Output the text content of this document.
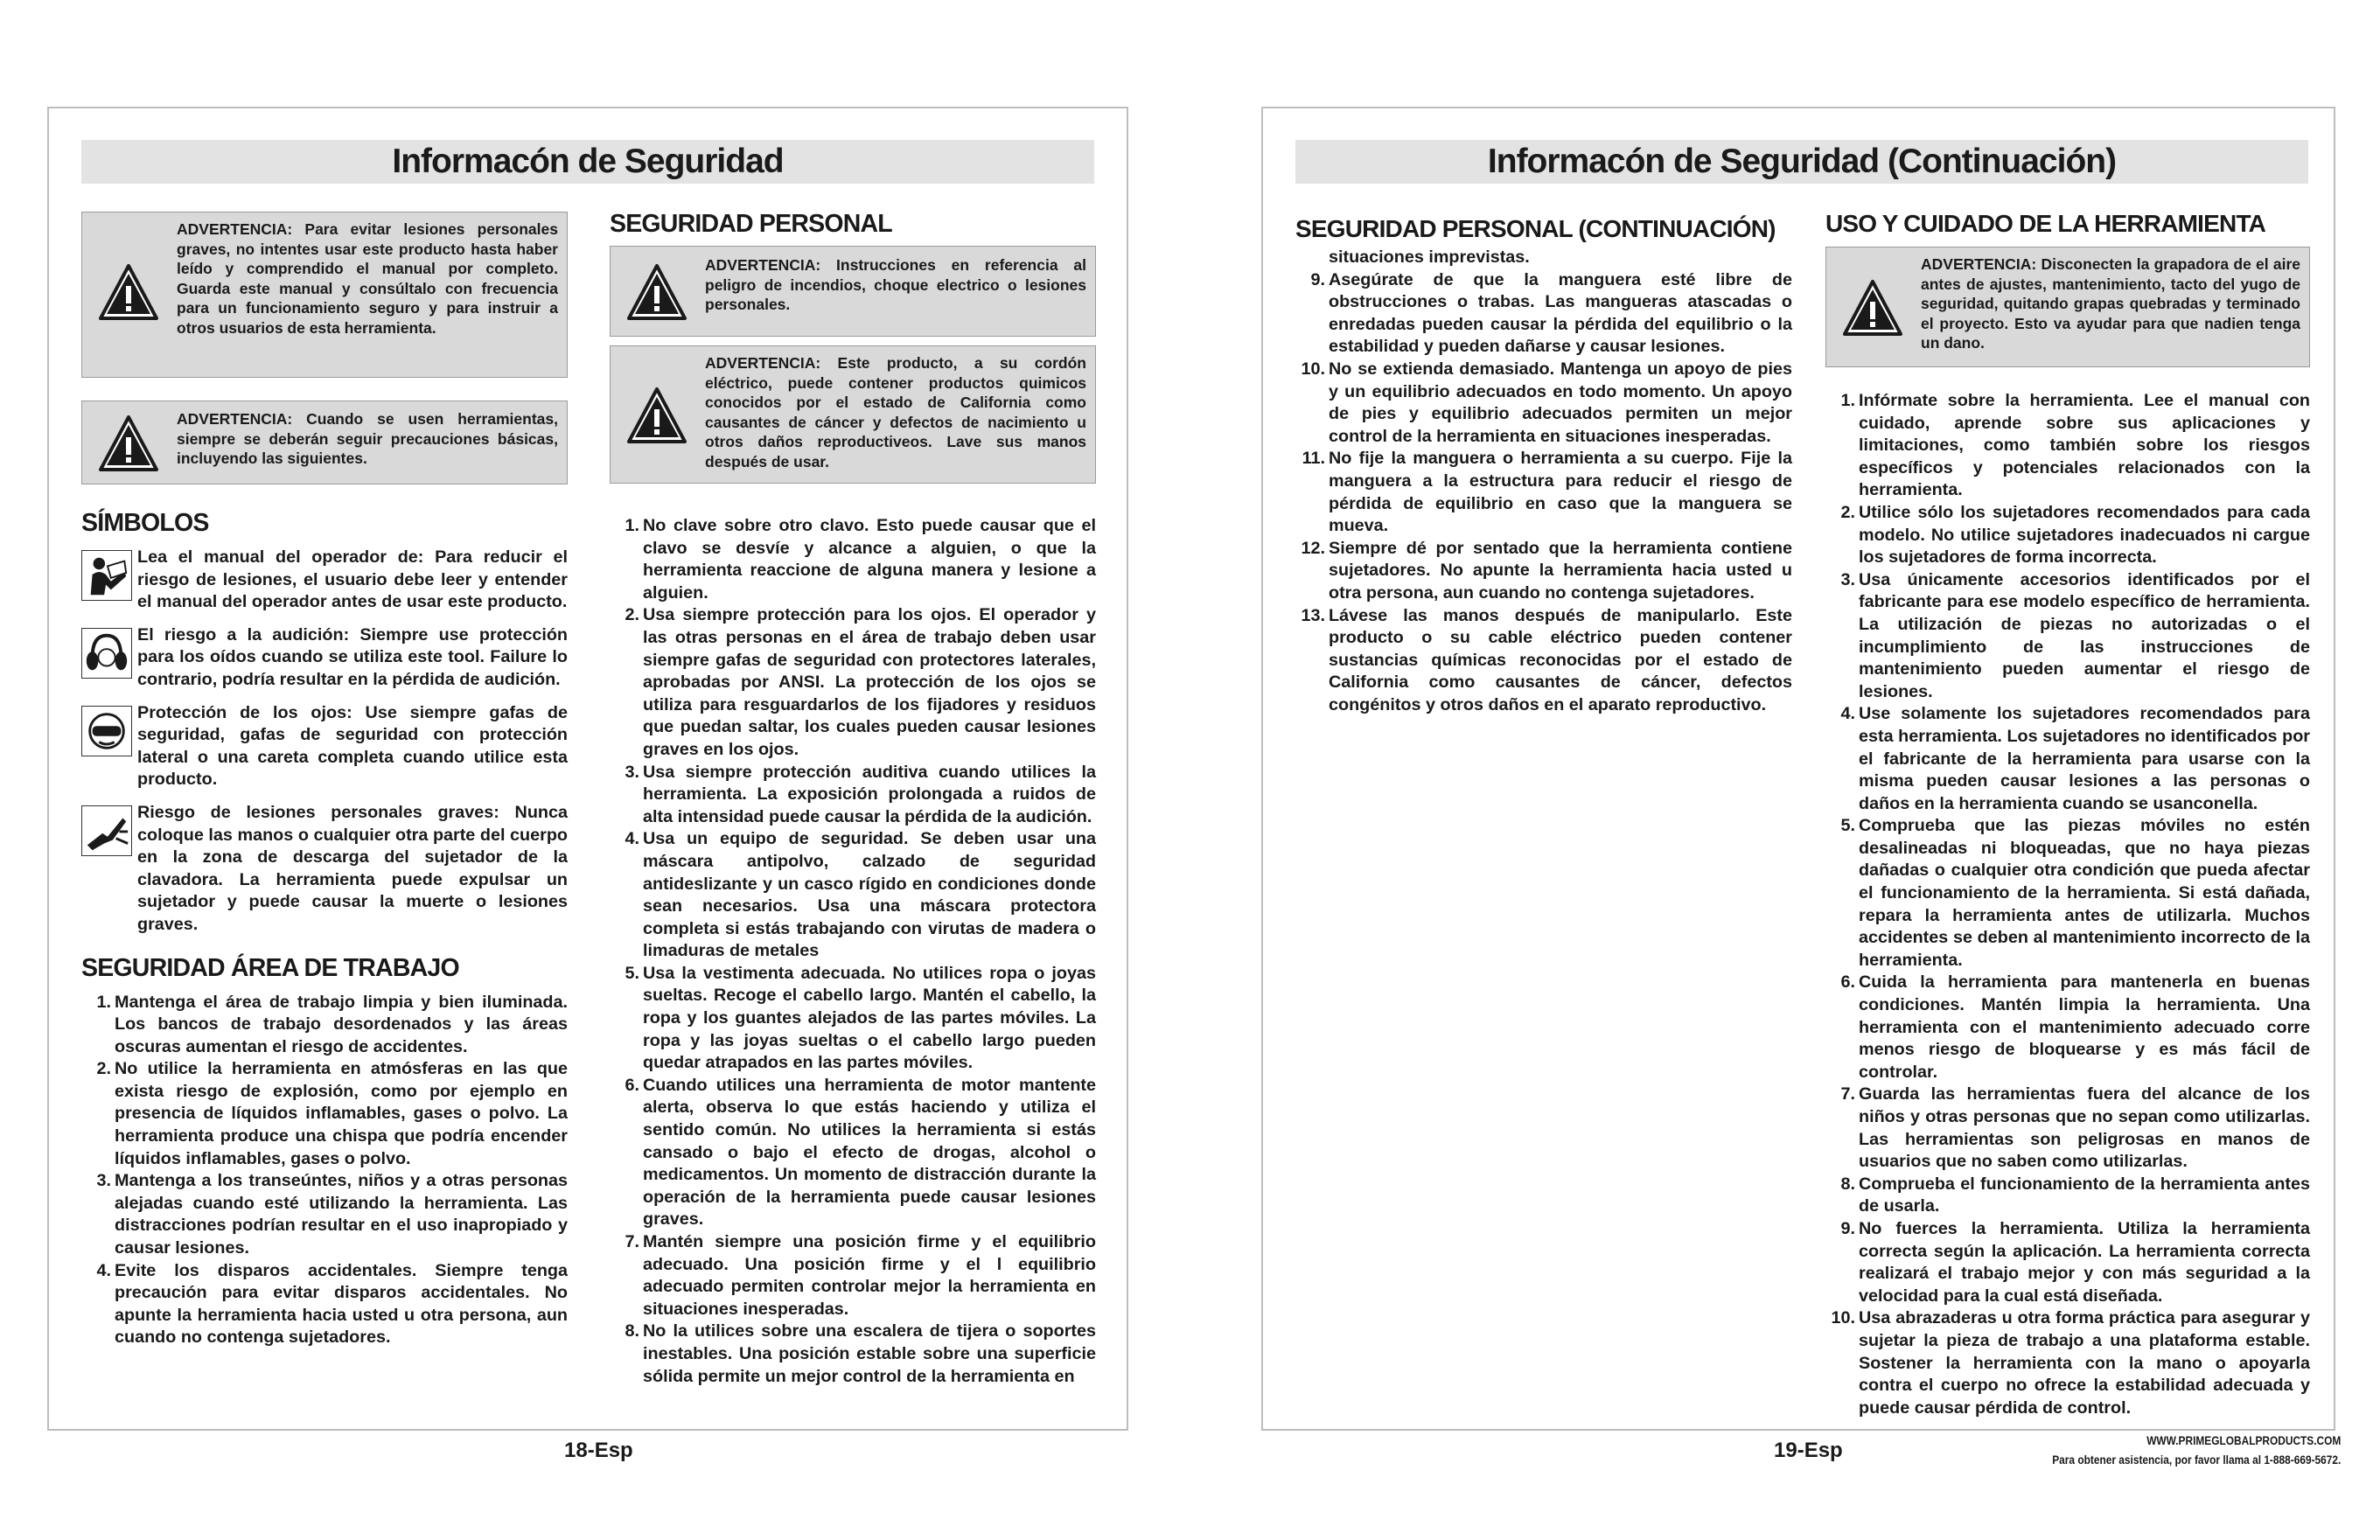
Informacón de Seguridad
ADVERTENCIA: Para evitar lesiones personales graves, no intentes usar este producto hasta haber leído y comprendido el manual por completo. Guarda este manual y consúltalo con frecuencia para un funcionamiento seguro y para instruir a otros usuarios de esta herramienta.
ADVERTENCIA: Cuando se usen herramientas, siempre se deberán seguir precauciones básicas, incluyendo las siguientes.
SÍMBOLOS
Lea el manual del operador de: Para reducir el riesgo de lesiones, el usuario debe leer y entender el manual del operador antes de usar este producto.
El riesgo a la audición: Siempre use protección para los oídos cuando se utiliza este tool. Failure lo contrario, podría resultar en la pérdida de audición.
Protección de los ojos: Use siempre gafas de seguridad, gafas de seguridad con protección lateral o una careta completa cuando utilice esta producto.
Riesgo de lesiones personales graves: Nunca coloque las manos o cualquier otra parte del cuerpo en la zona de descarga del sujetador de la clavadora. La herramienta puede expulsar un sujetador y puede causar la muerte o lesiones graves.
SEGURIDAD ÁREA DE TRABAJO
1. Mantenga el área de trabajo limpia y bien iluminada. Los bancos de trabajo desordenados y las áreas oscuras aumentan el riesgo de accidentes.
2. No utilice la herramienta en atmósferas en las que exista riesgo de explosión, como por ejemplo en presencia de líquidos inflamables, gases o polvo. La herramienta produce una chispa que podría encender líquidos inflamables, gases o polvo.
3. Mantenga a los transeúntes, niños y a otras personas alejadas cuando esté utilizando la herramienta. Las distracciones podrían resultar en el uso inapropiado y causar lesiones.
4. Evite los disparos accidentales. Siempre tenga precaución para evitar disparos accidentales. No apunte la herramienta hacia usted u otra persona, aun cuando no contenga sujetadores.
SEGURIDAD PERSONAL
ADVERTENCIA: Instrucciones en referencia al peligro de incendios, choque electrico o lesiones personales.
ADVERTENCIA: Este producto, a su cordón eléctrico, puede contener productos quimicos conocidos por el estado de California como causantes de cáncer y defectos de nacimiento u otros daños reproductiveos. Lave sus manos después de usar.
1. No clave sobre otro clavo. Esto puede causar que el clavo se desvíe y alcance a alguien, o que la herramienta reaccione de alguna manera y lesione a alguien.
2. Usa siempre protección para los ojos. El operador y las otras personas en el área de trabajo deben usar siempre gafas de seguridad con protectores laterales, aprobadas por ANSI. La protección de los ojos se utiliza para resguardarlos de los fijadores y residuos que puedan saltar, los cuales pueden causar lesiones graves en los ojos.
3. Usa siempre protección auditiva cuando utilices la herramienta. La exposición prolongada a ruidos de alta intensidad puede causar la pérdida de la audición.
4. Usa un equipo de seguridad. Se deben usar una máscara antipolvo, calzado de seguridad antideslizante y un casco rígido en condiciones donde sean necesarios. Usa una máscara protectora completa si estás trabajando con virutas de madera o limaduras de metales
5. Usa la vestimenta adecuada. No utilices ropa o joyas sueltas. Recoge el cabello largo. Mantén el cabello, la ropa y los guantes alejados de las partes móviles. La ropa y las joyas sueltas o el cabello largo pueden quedar atrapados en las partes móviles.
6. Cuando utilices una herramienta de motor mantente alerta, observa lo que estás haciendo y utiliza el sentido común. No utilices la herramienta si estás cansado o bajo el efecto de drogas, alcohol o medicamentos. Un momento de distracción durante la operación de la herramienta puede causar lesiones graves.
7. Mantén siempre una posición firme y el equilibrio adecuado. Una posición firme y el l equilibrio adecuado permiten controlar mejor la herramienta en situaciones inesperadas.
8. No la utilices sobre una escalera de tijera o soportes inestables. Una posición estable sobre una superficie sólida permite un mejor control de la herramienta en
18-Esp
Informacón de Seguridad (Continuación)
SEGURIDAD PERSONAL (CONTINUACIÓN)
situaciones imprevistas.
9. Asegúrate de que la manguera esté libre de obstrucciones o trabas. Las mangueras atascadas o enredadas pueden causar la pérdida del equilibrio o la estabilidad y pueden dañarse y causar lesiones.
10. No se extienda demasiado. Mantenga un apoyo de pies y un equilibrio adecuados en todo momento. Un apoyo de pies y equilibrio adecuados permiten un mejor control de la herramienta en situaciones inesperadas.
11. No fije la manguera o herramienta a su cuerpo. Fije la manguera a la estructura para reducir el riesgo de pérdida de equilibrio en caso que la manguera se mueva.
12. Siempre dé por sentado que la herramienta contiene sujetadores. No apunte la herramienta hacia usted u otra persona, aun cuando no contenga sujetadores.
13. Lávese las manos después de manipularlo. Este producto o su cable eléctrico pueden contener sustancias químicas reconocidas por el estado de California como causantes de cáncer, defectos congénitos y otros daños en el aparato reproductivo.
USO Y CUIDADO DE LA HERRAMIENTA
ADVERTENCIA: Disconecten la grapadora de el aire antes de ajustes, mantenimiento, tacto del yugo de seguridad, quitando grapas quebradas y terminado el proyecto. Esto va ayudar para que nadien tenga un dano.
1. Infórmate sobre la herramienta. Lee el manual con cuidado, aprende sobre sus aplicaciones y limitaciones, como también sobre los riesgos específicos y potenciales relacionados con la herramienta.
2. Utilice sólo los sujetadores recomendados para cada modelo. No utilice sujetadores inadecuados ni cargue los sujetadores de forma incorrecta.
3. Usa únicamente accesorios identificados por el fabricante para ese modelo específico de herramienta. La utilización de piezas no autorizadas o el incumplimiento de las instrucciones de mantenimiento pueden aumentar el riesgo de lesiones.
4. Use solamente los sujetadores recomendados para esta herramienta. Los sujetadores no identificados por el fabricante de la herramienta para usarse con la misma pueden causar lesiones a las personas o daños en la herramienta cuando se usanconella.
5. Comprueba que las piezas móviles no estén desalineadas ni bloqueadas, que no haya piezas dañadas o cualquier otra condición que pueda afectar el funcionamiento de la herramienta. Si está dañada, repara la herramienta antes de utilizarla. Muchos accidentes se deben al mantenimiento incorrecto de la herramienta.
6. Cuida la herramienta para mantenerla en buenas condiciones. Mantén limpia la herramienta. Una herramienta con el mantenimiento adecuado corre menos riesgo de bloquearse y es más fácil de controlar.
7. Guarda las herramientas fuera del alcance de los niños y otras personas que no sepan como utilizarlas. Las herramientas son peligrosas en manos de usuarios que no saben como utilizarlas.
8. Comprueba el funcionamiento de la herramienta antes de usarla.
9. No fuerces la herramienta. Utiliza la herramienta correcta según la aplicación. La herramienta correcta realizará el trabajo mejor y con más seguridad a la velocidad para la cual está diseñada.
10. Usa abrazaderas u otra forma práctica para asegurar y sujetar la pieza de trabajo a una plataforma estable. Sostener la herramienta con la mano o apoyarla contra el cuerpo no ofrece la estabilidad adecuada y puede causar pérdida de control.
19-Esp	WWW.PRIMEGLOBALPRODUCTS.COM
Para obtener asistencia, por favor llama al 1-888-669-5672.
